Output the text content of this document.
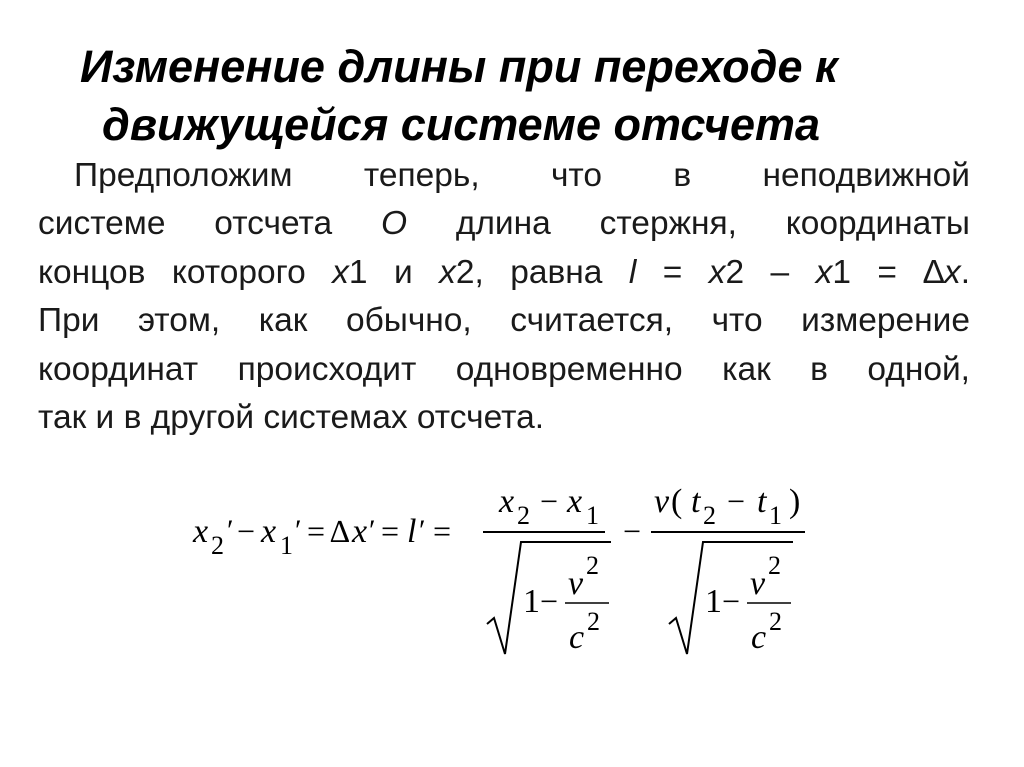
Изменение длины при переходе к
движущейся системе отсчета
Предположим теперь, что в неподвижной
системе отсчета O длина стержня, координаты
концов которого x1 и x2, равна l = x2 – x1 = ∆x.
При этом, как обычно, считается, что измерение
координат происходит одновременно как в одной,
так и в другой системах отсчета.
x 2 ′ − x 1 ′ = ∆ x ′ = l ′ =
x 2 − x 1
1 − v 2
c 2
−
v ( t 2 − t 1 )
1 − v 2
c 2
